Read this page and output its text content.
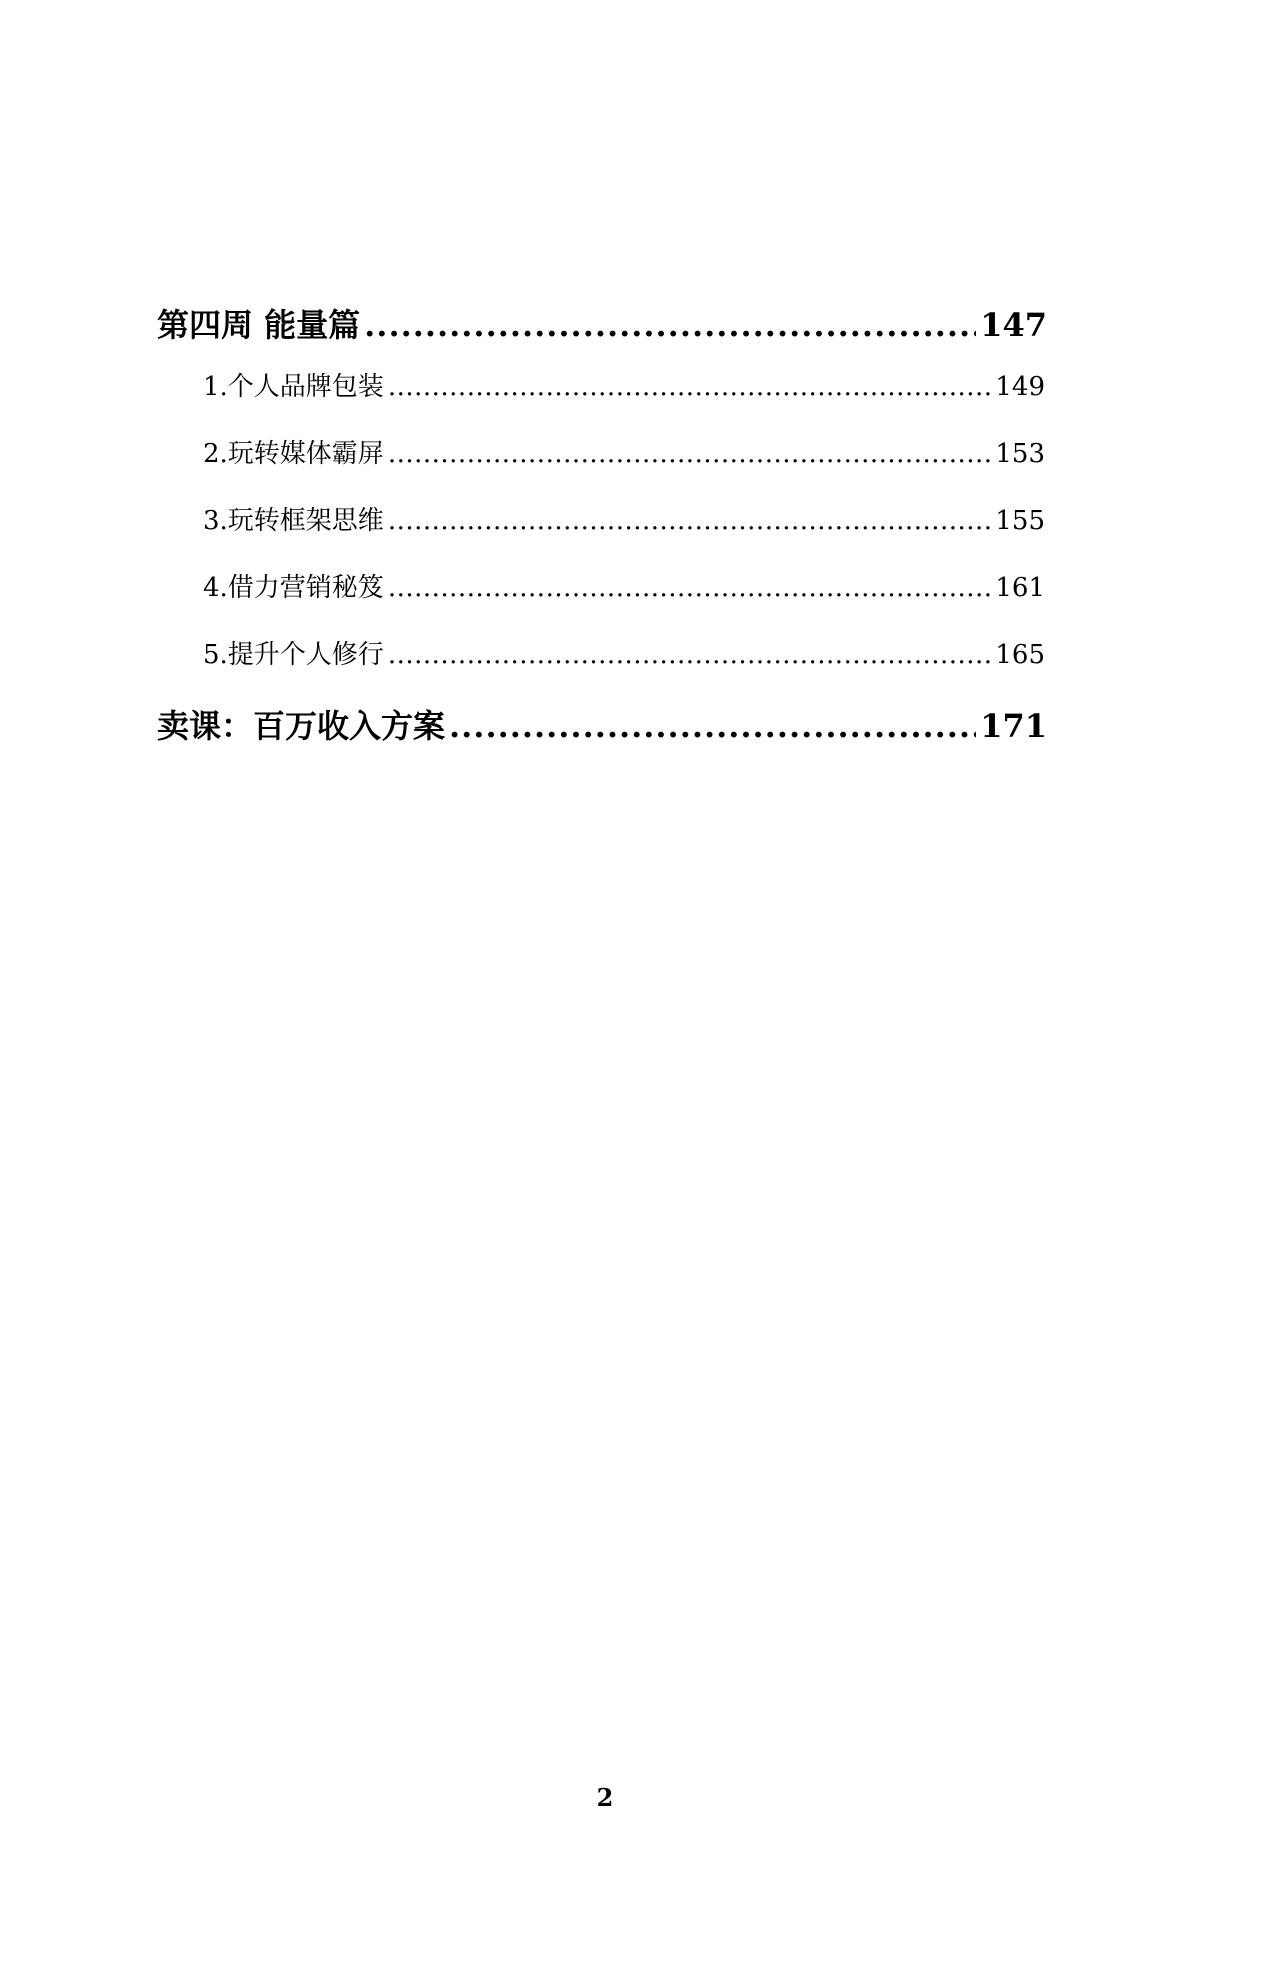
第四周 能量篇 .....	147
1.个人品牌包装 .....	149
2.玩转媒体霸屏 .....	153
3.玩转框架思维 .....	155
4.借力营销秘笈 .....	161
5.提升个人修行 .....	165
卖课：百万收入方案 .....	171
2
